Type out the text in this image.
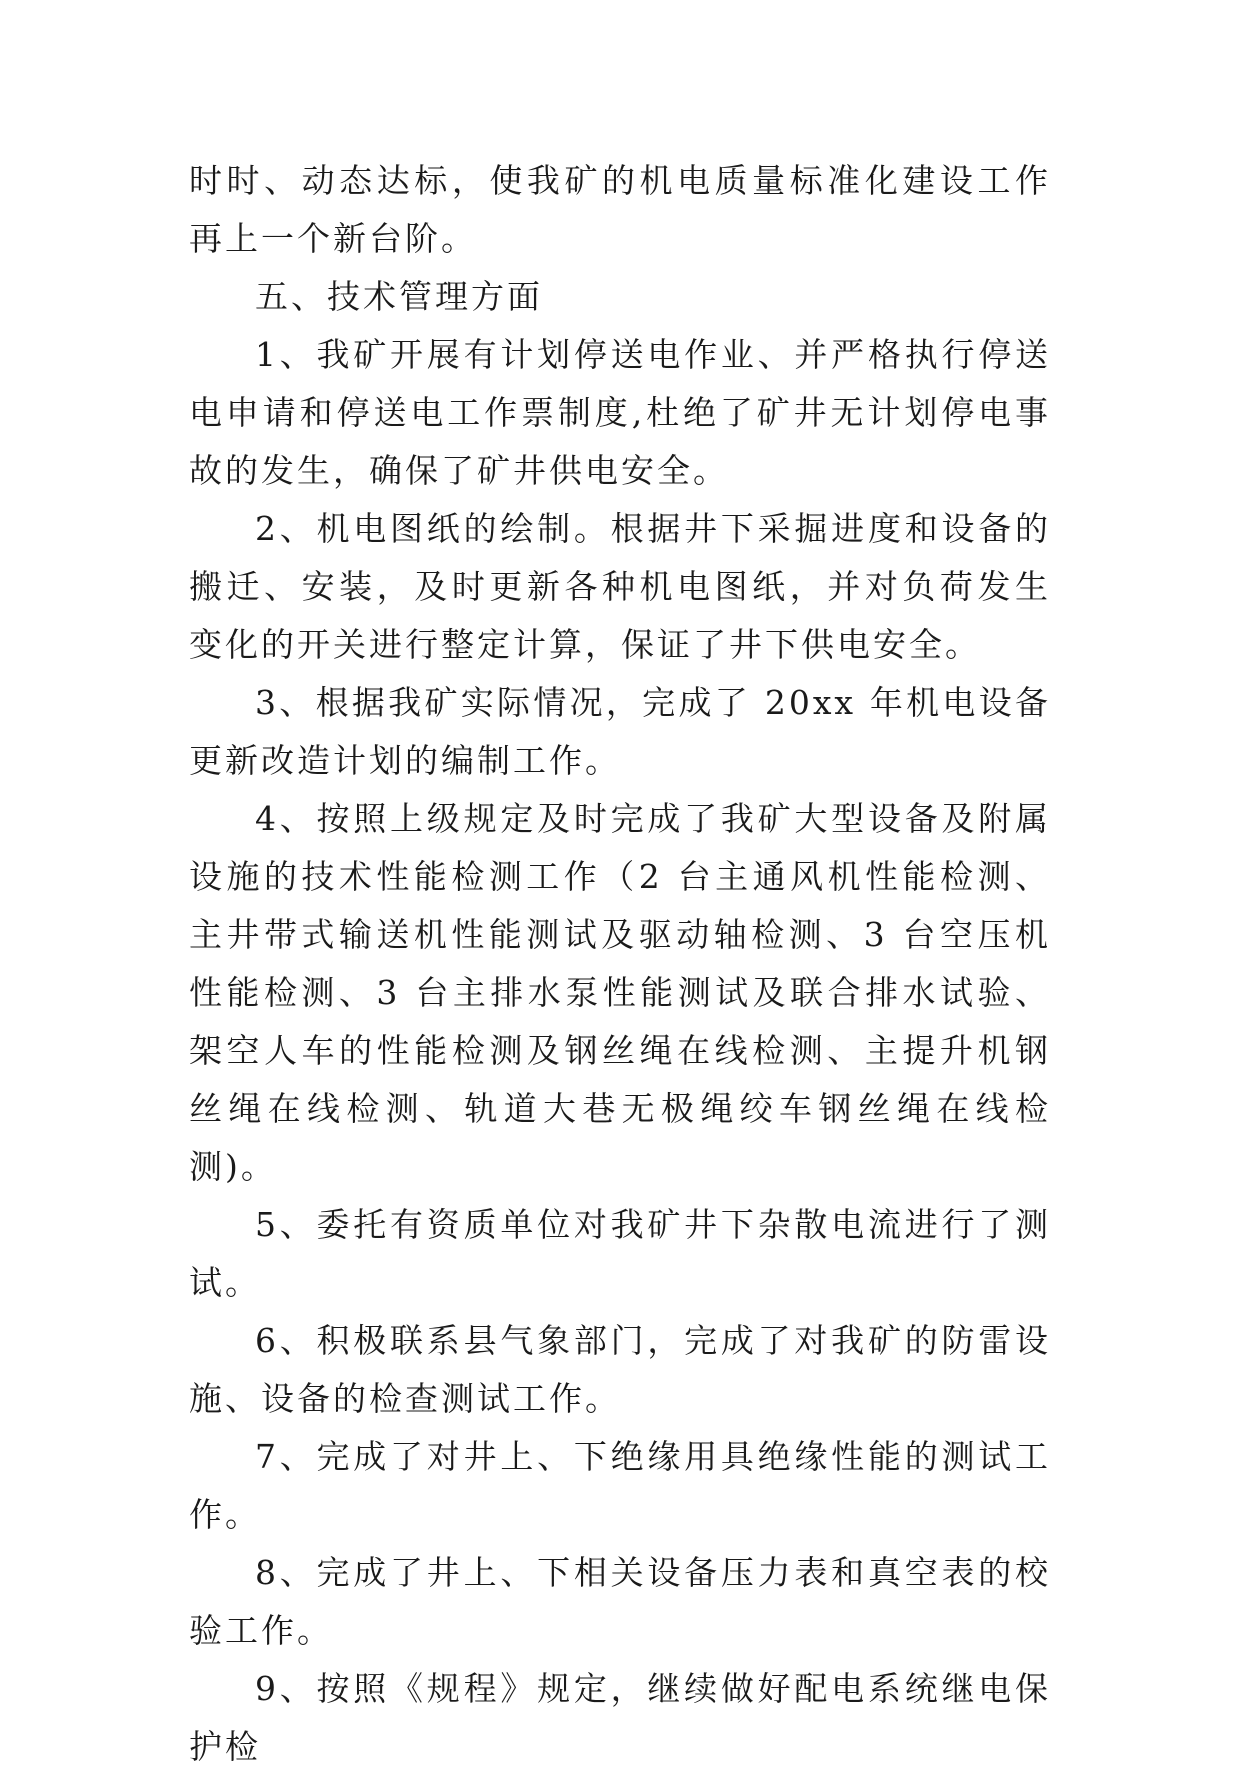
时时、动态达标，使我矿的机电质量标准化建设工作再上一个新台阶。

五、技术管理方面

1、我矿开展有计划停送电作业、并严格执行停送电申请和停送电工作票制度,杜绝了矿井无计划停电事故的发生，确保了矿井供电安全。

2、机电图纸的绘制。根据井下采掘进度和设备的搬迁、安装，及时更新各种机电图纸，并对负荷发生变化的开关进行整定计算，保证了井下供电安全。

3、根据我矿实际情况，完成了 20xx 年机电设备更新改造计划的编制工作。

4、按照上级规定及时完成了我矿大型设备及附属设施的技术性能检测工作（2 台主通风机性能检测、主井带式输送机性能测试及驱动轴检测、3 台空压机性能检测、3 台主排水泵性能测试及联合排水试验、架空人车的性能检测及钢丝绳在线检测、主提升机钢丝绳在线检测、轨道大巷无极绳绞车钢丝绳在线检测)。

5、委托有资质单位对我矿井下杂散电流进行了测试。

6、积极联系县气象部门，完成了对我矿的防雷设施、设备的检查测试工作。

7、完成了对井上、下绝缘用具绝缘性能的测试工作。

8、完成了井上、下相关设备压力表和真空表的校验工作。

9、按照《规程》规定，继续做好配电系统继电保护检
